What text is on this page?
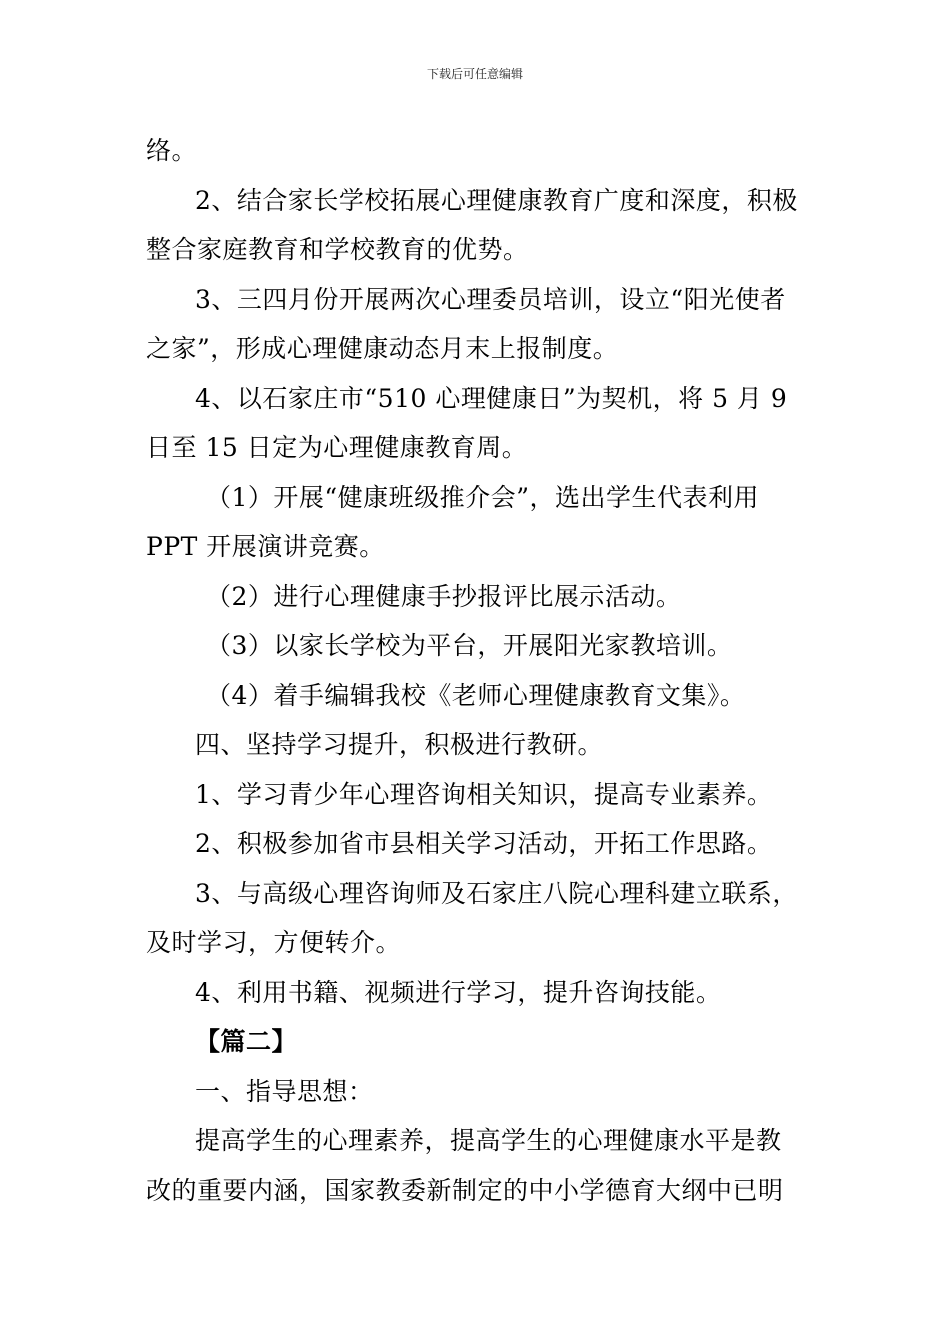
下载后可任意编辑
络。
2、结合家长学校拓展心理健康教育广度和深度，积极
整合家庭教育和学校教育的优势。
3、三四月份开展两次心理委员培训，设立“阳光使者
之家”，形成心理健康动态月末上报制度。
4、以石家庄市“510 心理健康日”为契机，将 5 月 9
日至 15 日定为心理健康教育周。
（1）开展“健康班级推介会”，选出学生代表利用
PPT 开展演讲竞赛。
（2）进行心理健康手抄报评比展示活动。
（3）以家长学校为平台，开展阳光家教培训。
（4）着手编辑我校《老师心理健康教育文集》。
四、坚持学习提升，积极进行教研。
1、学习青少年心理咨询相关知识，提高专业素养。
2、积极参加省市县相关学习活动，开拓工作思路。
3、与高级心理咨询师及石家庄八院心理科建立联系，
及时学习，方便转介。
4、利用书籍、视频进行学习，提升咨询技能。
【篇二】
一、指导思想：
提高学生的心理素养，提高学生的心理健康水平是教
改的重要内涵，国家教委新制定的中小学德育大纲中已明
